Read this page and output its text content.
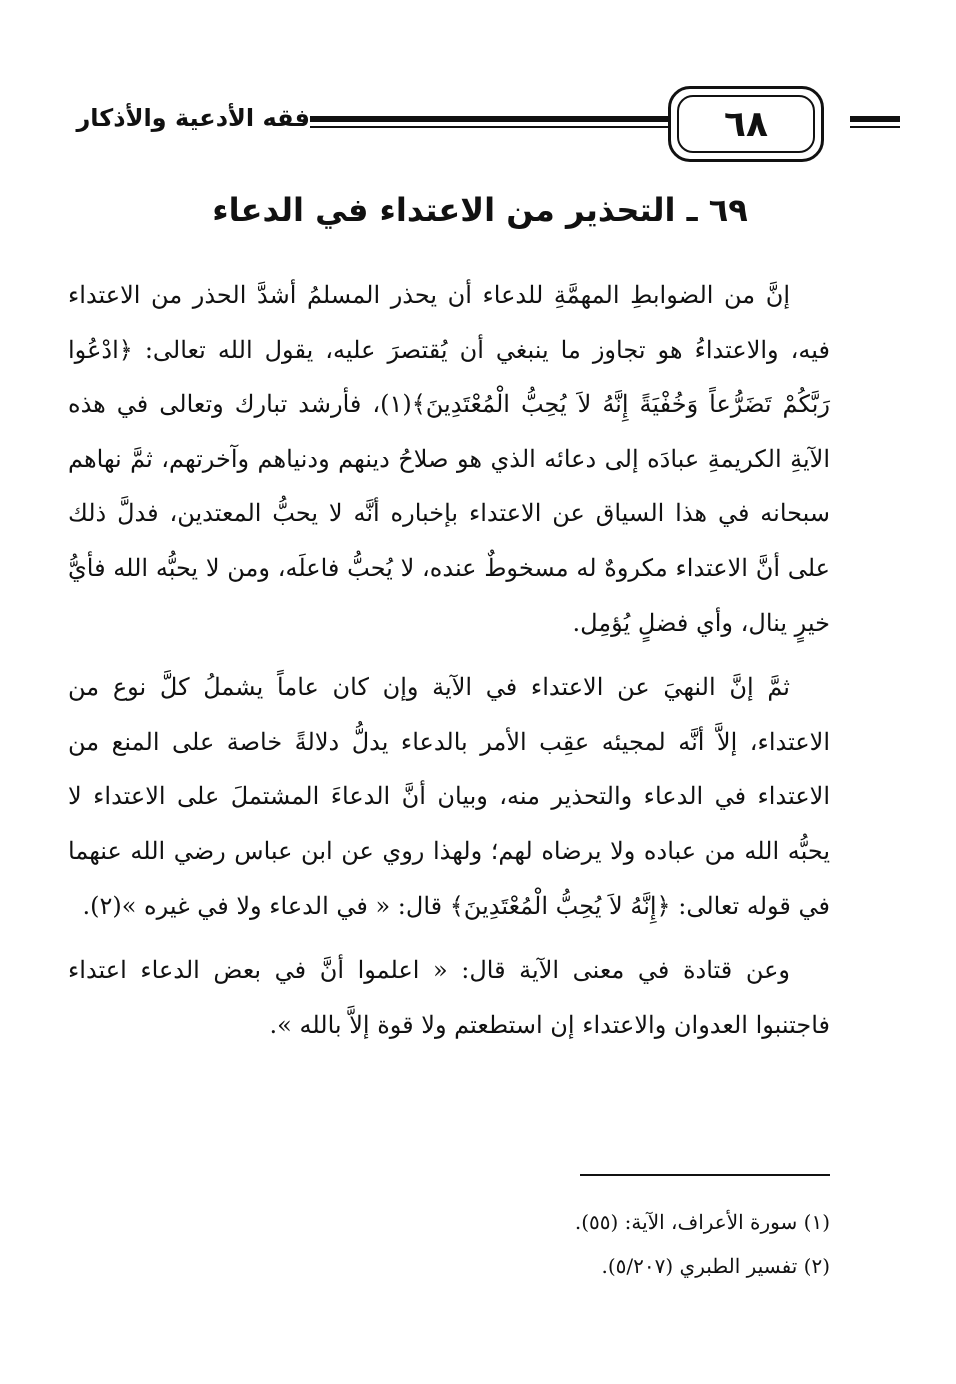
فقه الأدعية والأذكار	٦٨
٦٩ ـ التحذير من الاعتداء في الدعاء

إنَّ من الضوابطِ المهمَّةِ للدعاء أن يحذر المسلمُ أشدَّ الحذر من الاعتداء فيه، والاعتداءُ هو تجاوز ما ينبغي أن يُقتصرَ عليه، يقول الله تعالى: ﴿ادْعُوا رَبَّكُمْ تَضَرُّعاً وَخُفْيَةً إِنَّهُ لاَ يُحِبُّ الْمُعْتَدِينَ﴾(١)، فأرشد تبارك وتعالى في هذه الآيةِ الكريمةِ عبادَه إلى دعائه الذي هو صلاحُ دينهم ودنياهم وآخرتهم، ثمَّ نهاهم سبحانه في هذا السياق عن الاعتداء بإخباره أنَّه لا يحبُّ المعتدين، فدلَّ ذلك على أنَّ الاعتداء مكروهٌ له مسخوطٌ عنده، لا يُحبُّ فاعلَه، ومن لا يحبُّه الله فأيُّ خيرٍ ينال، وأي فضلٍ يُؤمِل.

ثمَّ إنَّ النهيَ عن الاعتداء في الآية وإن كان عاماً يشملُ كلَّ نوع من الاعتداء، إلاَّ أنَّه لمجيئه عقِب الأمر بالدعاء يدلُّ دلالةً خاصة على المنع من الاعتداء في الدعاء والتحذير منه، وبيان أنَّ الدعاءَ المشتملَ على الاعتداء لا يحبُّه الله من عباده ولا يرضاه لهم؛ ولهذا روي عن ابن عباس رضي الله عنهما في قوله تعالى: ﴿إِنَّهُ لاَ يُحِبُّ الْمُعْتَدِينَ﴾ قال: « في الدعاء ولا في غيره »(٢).

وعن قتادة في معنى الآية قال: « اعلموا أنَّ في بعض الدعاء اعتداء فاجتنبوا العدوان والاعتداء إن استطعتم ولا قوة إلاَّ بالله ».

(١) سورة الأعراف، الآية: (٥٥).

(٢) تفسير الطبري (٥/٢٠٧).
